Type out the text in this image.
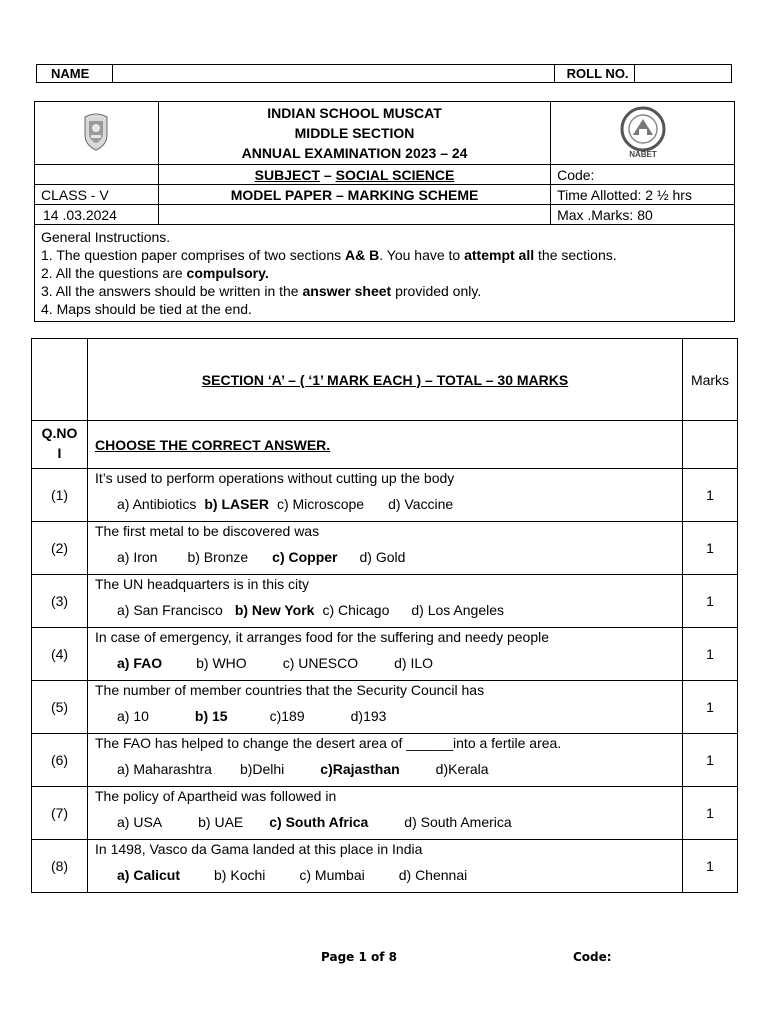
NAME		ROLL NO.	

INDIAN SCHOOL MUSCAT
MIDDLE SECTION
ANNUAL EXAMINATION 2023 – 24	NABET

	SUBJECT – SOCIAL SCIENCE	Code:
CLASS - V	MODEL PAPER – MARKING SCHEME	Time Allotted: 2 ½ hrs
14 .03.2024		Max .Marks: 80

General Instructions.
1. The question paper comprises of two sections A& B. You have to attempt all the sections.
2. All the questions are compulsory.
3. All the answers should be written in the answer sheet provided only.
4. Maps should be tied at the end.		
	SECTION ‘A’ – ( ‘1’ MARK EACH ) – TOTAL – 30 MARKS	Marks

Q.NO
I	CHOOSE THE CORRECT ANSWER.	
(1)	It’s used to perform operations without cutting up the body
a) Antibiotics b) LASER c) Microscope d) Vaccine	1
(2)	The first metal to be discovered was
a) Iron b) Bronze c) Copper d) Gold	1
(3)	The UN headquarters is in this city
a) San Francisco b) New York c) Chicago d) Los Angeles	1
(4)	In case of emergency, it arranges food for the suffering and needy people
a) FAO b) WHO c) UNESCO d) ILO	1
(5)	The number of member countries that the Security Council has
a) 10 b) 15 c)189 d)193	1
(6)	The FAO has helped to change the desert area of ______into a fertile area.
a) Maharashtra b)Delhi c)Rajasthan d)Kerala	1
(7)	The policy of Apartheid was followed in
a) USA b) UAE c) South Africa d) South America	1
(8)	In 1498, Vasco da Gama landed at this place in India
a) Calicut b) Kochi c) Mumbai d) Chennai	1
Page 1 of 8	Code:
